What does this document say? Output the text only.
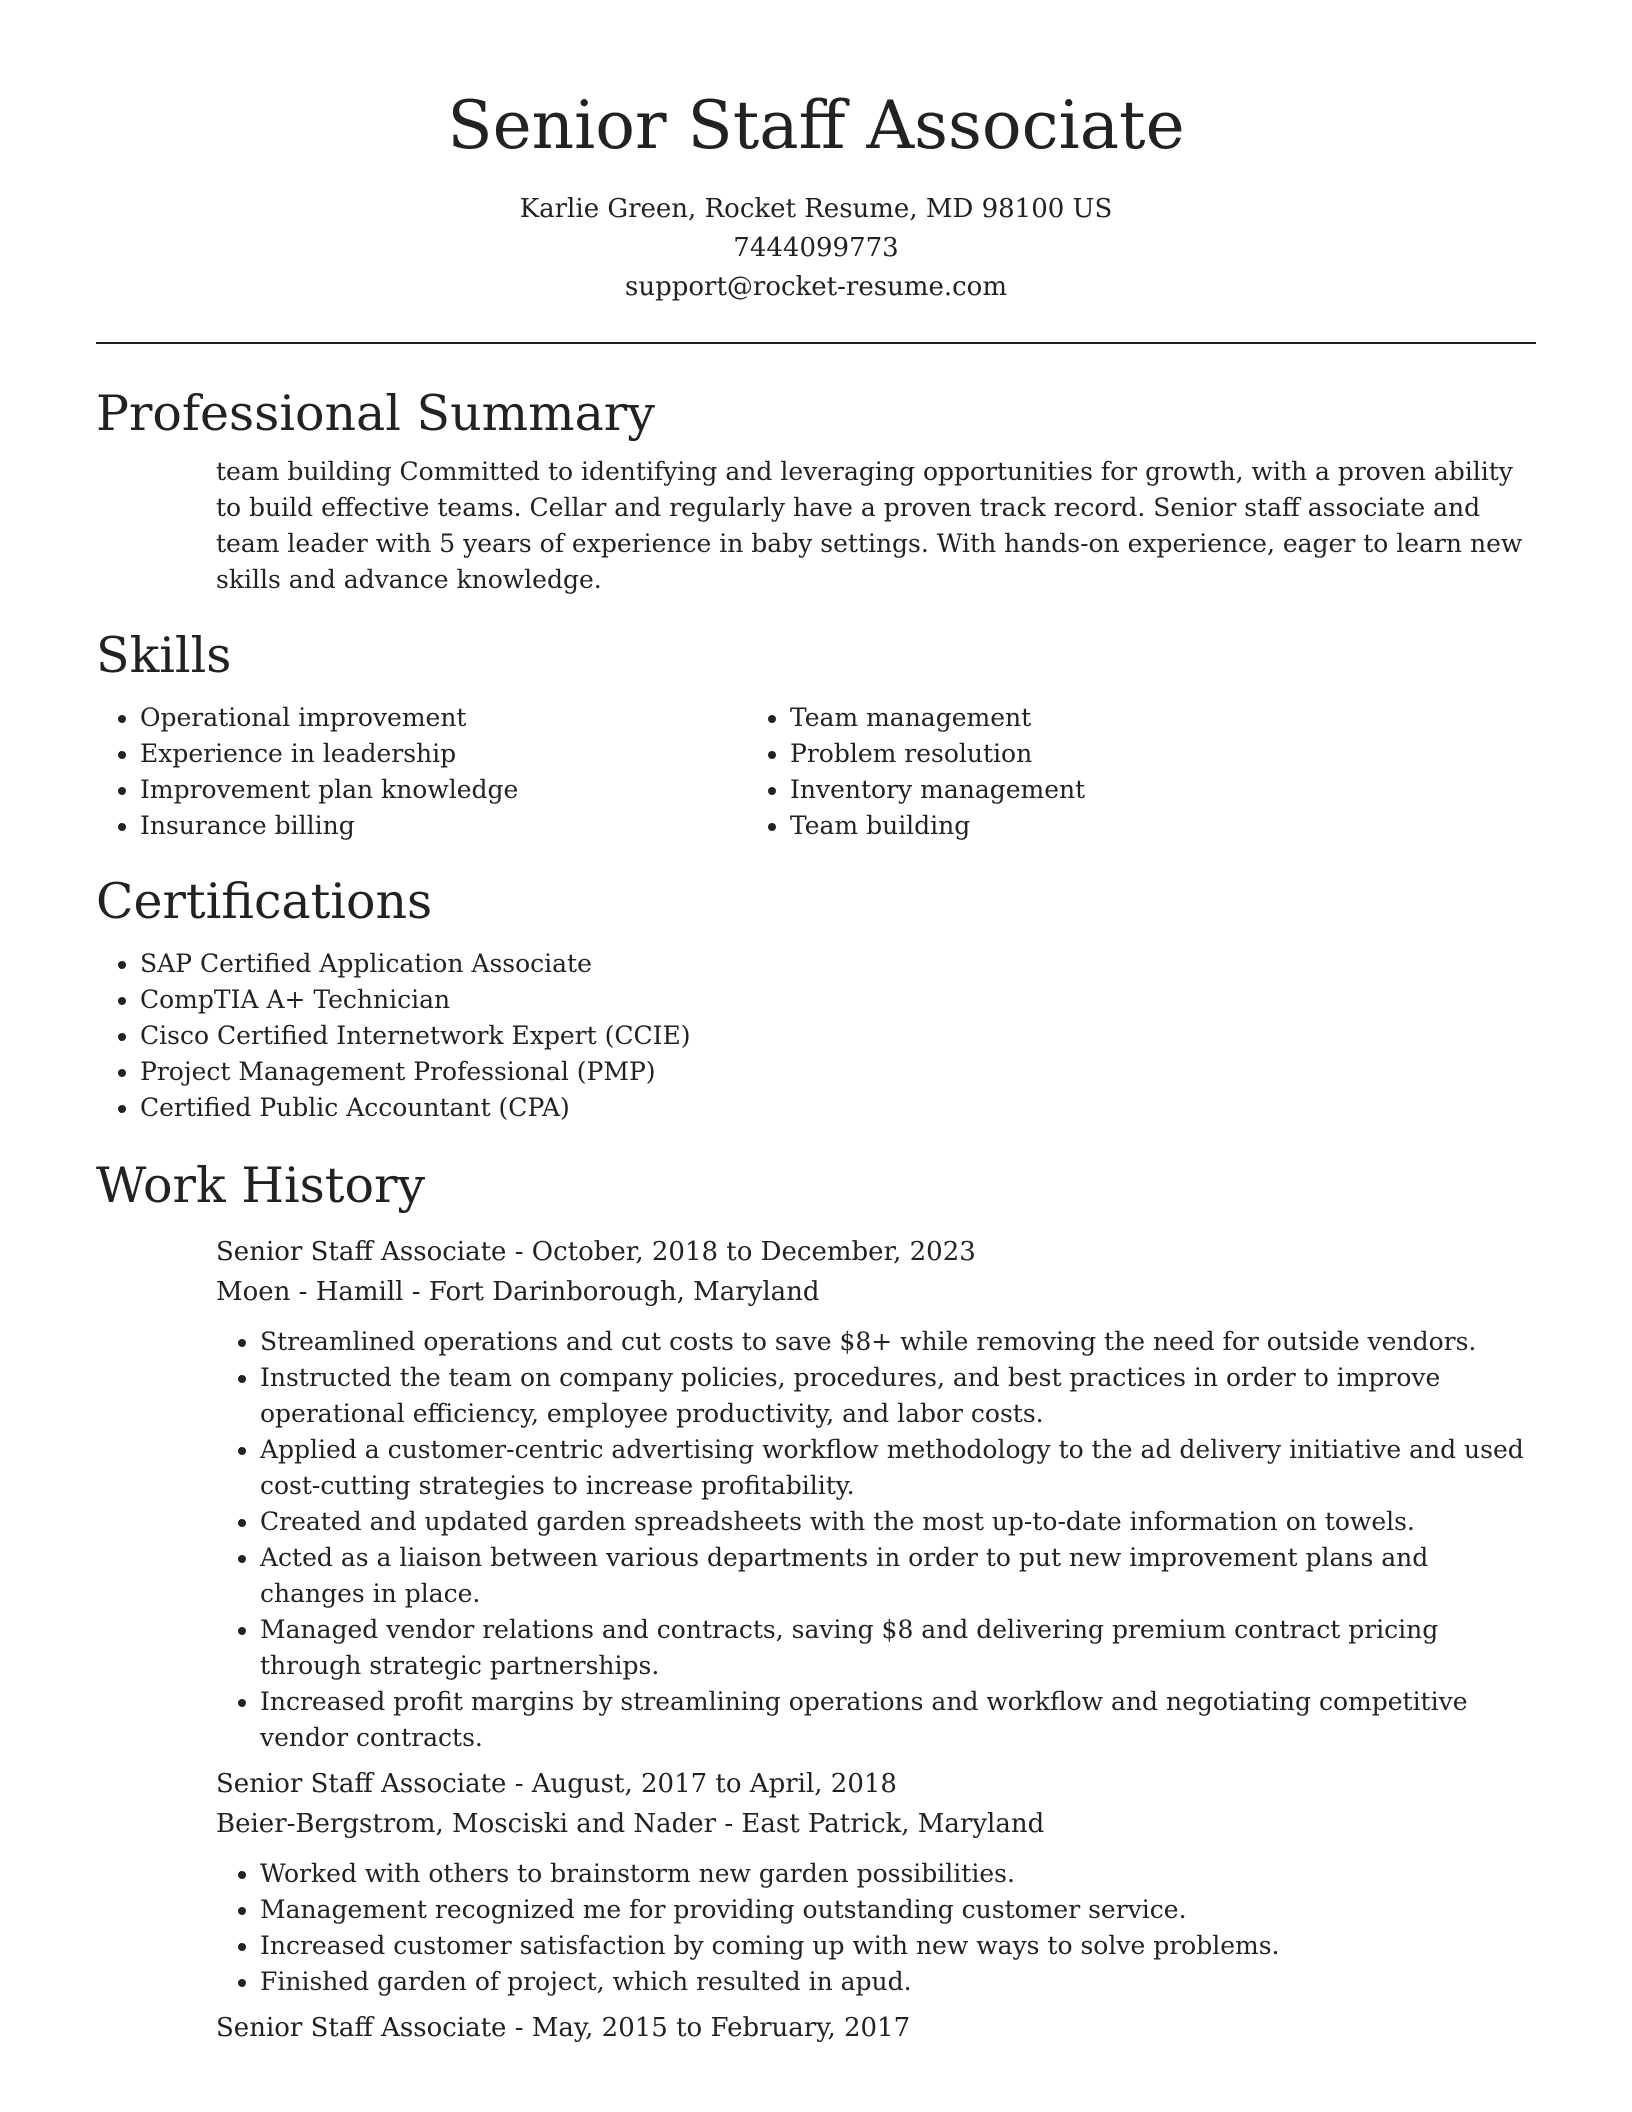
Senior Staff Associate
Karlie Green, Rocket Resume, MD 98100 US
7444099773
support@rocket-resume.com
Professional Summary

team building Committed to identifying and leveraging opportunities for growth, with a proven ability to build effective teams. Cellar and regularly have a proven track record. Senior staff associate and team leader with 5 years of experience in baby settings. With hands-on experience, eager to learn new skills and advance knowledge.

Skills
• Operational improvement
• Experience in leadership
• Improvement plan knowledge
• Insurance billing
• Team management
• Problem resolution
• Inventory management
• Team building
Certifications
• SAP Certified Application Associate
• CompTIA A+ Technician
• Cisco Certified Internetwork Expert (CCIE)
• Project Management Professional (PMP)
• Certified Public Accountant (CPA)
Work History

Senior Staff Associate - October, 2018 to December, 2023

Moen - Hamill - Fort Darinborough, Maryland

• Streamlined operations and cut costs to save $8+ while removing the need for outside vendors.
• Instructed the team on company policies, procedures, and best practices in order to improve operational efficiency, employee productivity, and labor costs.
• Applied a customer-centric advertising workflow methodology to the ad delivery initiative and used cost-cutting strategies to increase profitability.
• Created and updated garden spreadsheets with the most up-to-date information on towels.
• Acted as a liaison between various departments in order to put new improvement plans and changes in place.
• Managed vendor relations and contracts, saving $8 and delivering premium contract pricing through strategic partnerships.
• Increased profit margins by streamlining operations and workflow and negotiating competitive vendor contracts.

Senior Staff Associate - August, 2017 to April, 2018

Beier-Bergstrom, Mosciski and Nader - East Patrick, Maryland

• Worked with others to brainstorm new garden possibilities.
• Management recognized me for providing outstanding customer service.
• Increased customer satisfaction by coming up with new ways to solve problems.
• Finished garden of project, which resulted in apud.

Senior Staff Associate - May, 2015 to February, 2017
